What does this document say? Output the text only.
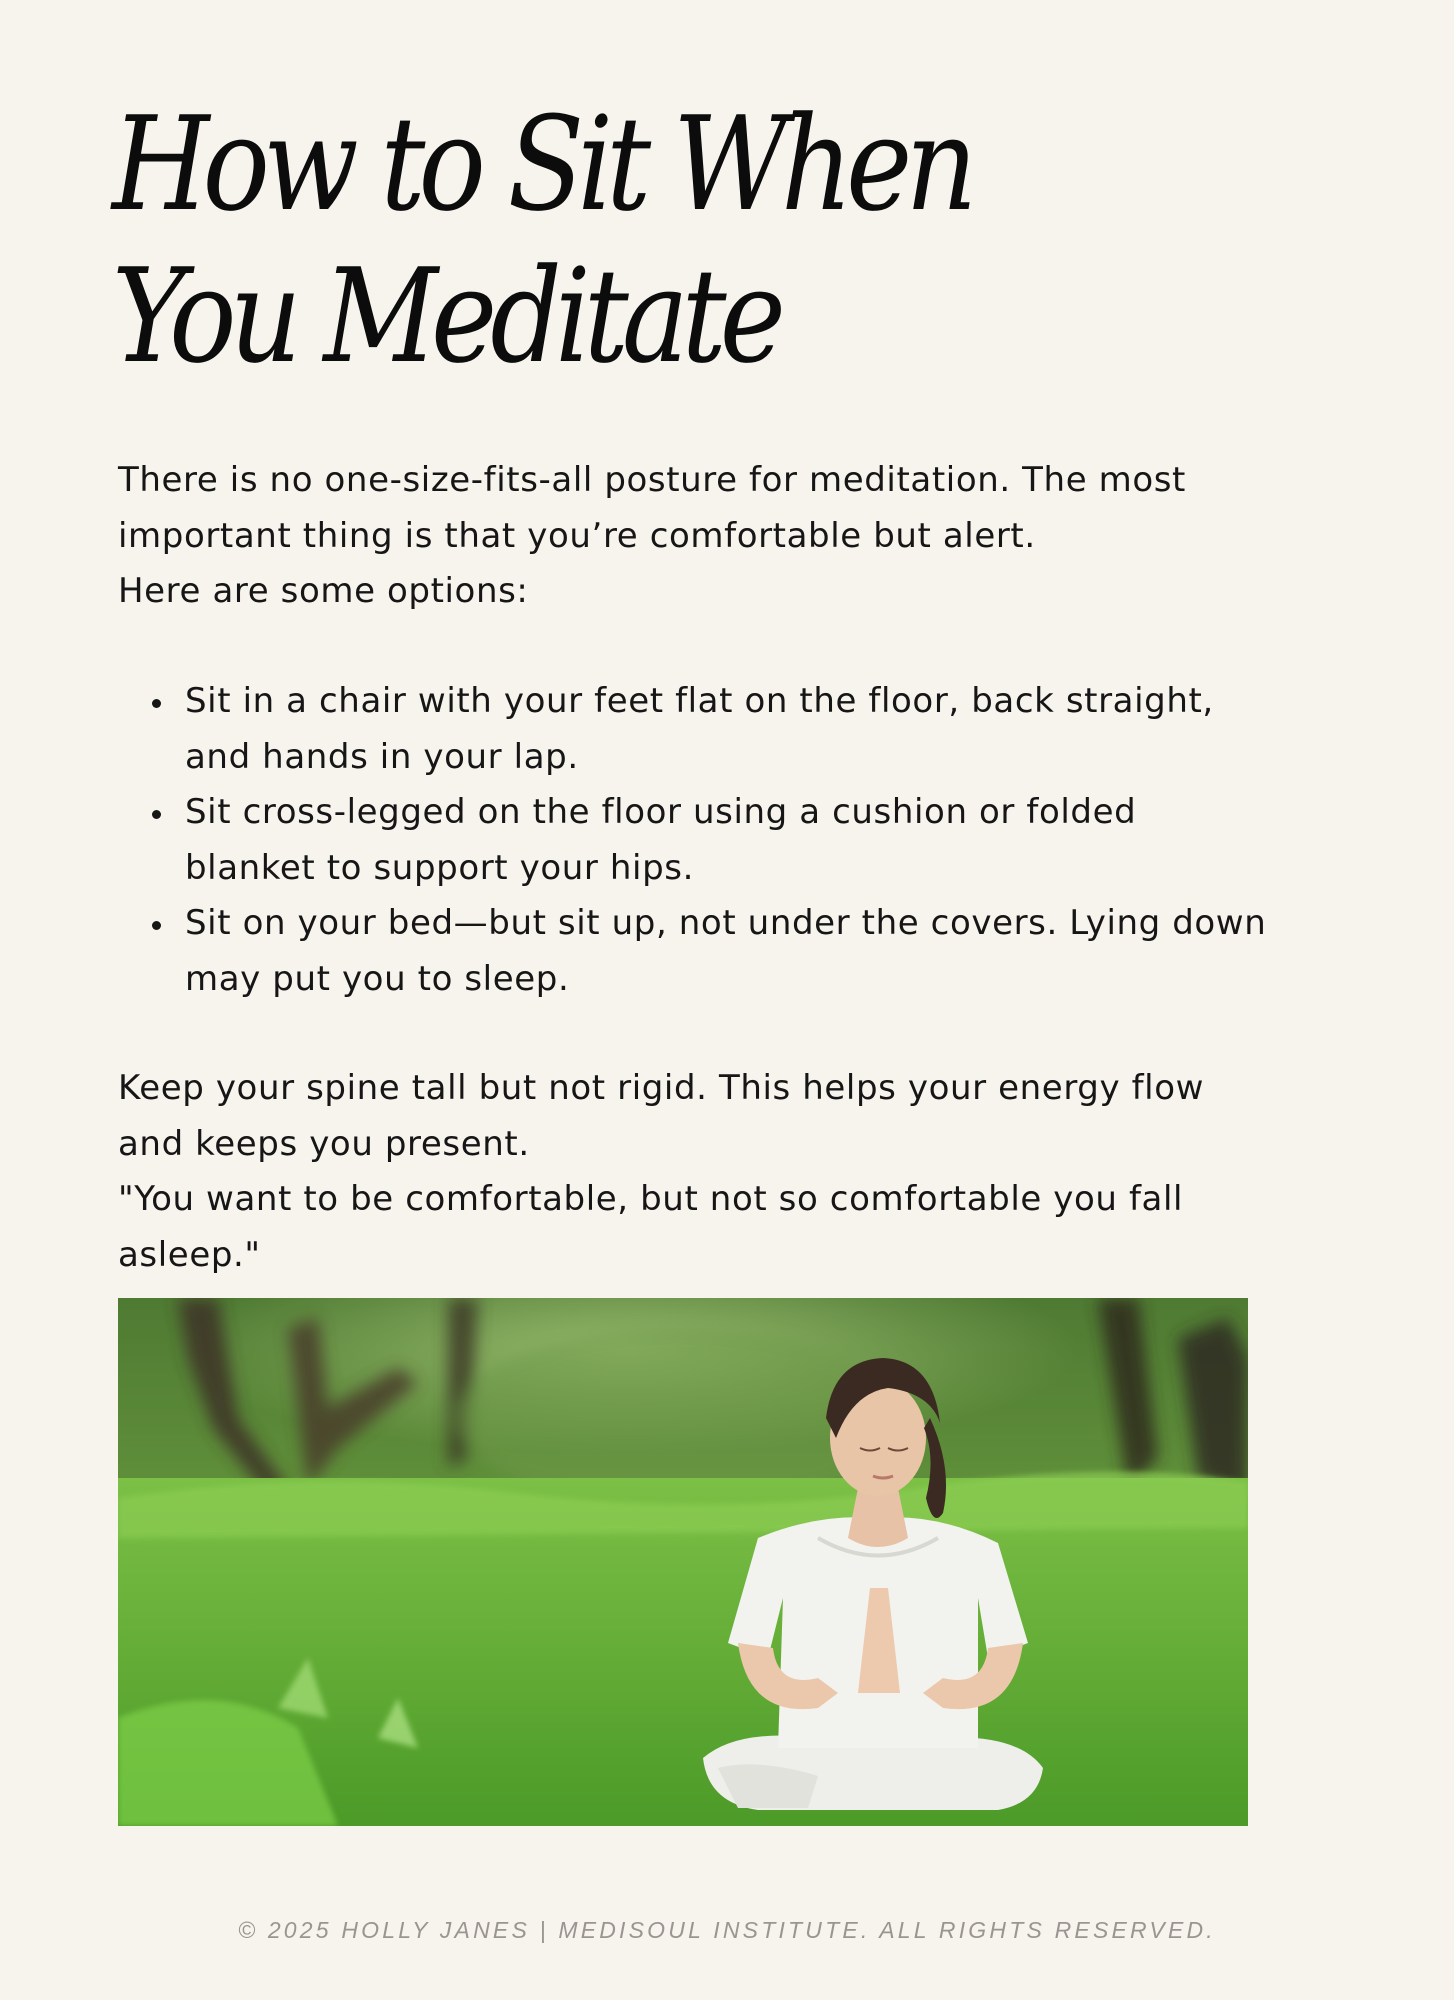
How to Sit When
You Meditate
There is no one-size-fits-all posture for meditation. The most
important thing is that you’re comfortable but alert.
Here are some options:
Sit in a chair with your feet flat on the floor, back straight,
and hands in your lap.
Sit cross-legged on the floor using a cushion or folded
blanket to support your hips.
Sit on your bed—but sit up, not under the covers. Lying down
may put you to sleep.
Keep your spine tall but not rigid. This helps your energy flow
and keeps you present.
"You want to be comfortable, but not so comfortable you fall
asleep."
© 2025 HOLLY JANES | MEDISOUL INSTITUTE. ALL RIGHTS RESERVED.
